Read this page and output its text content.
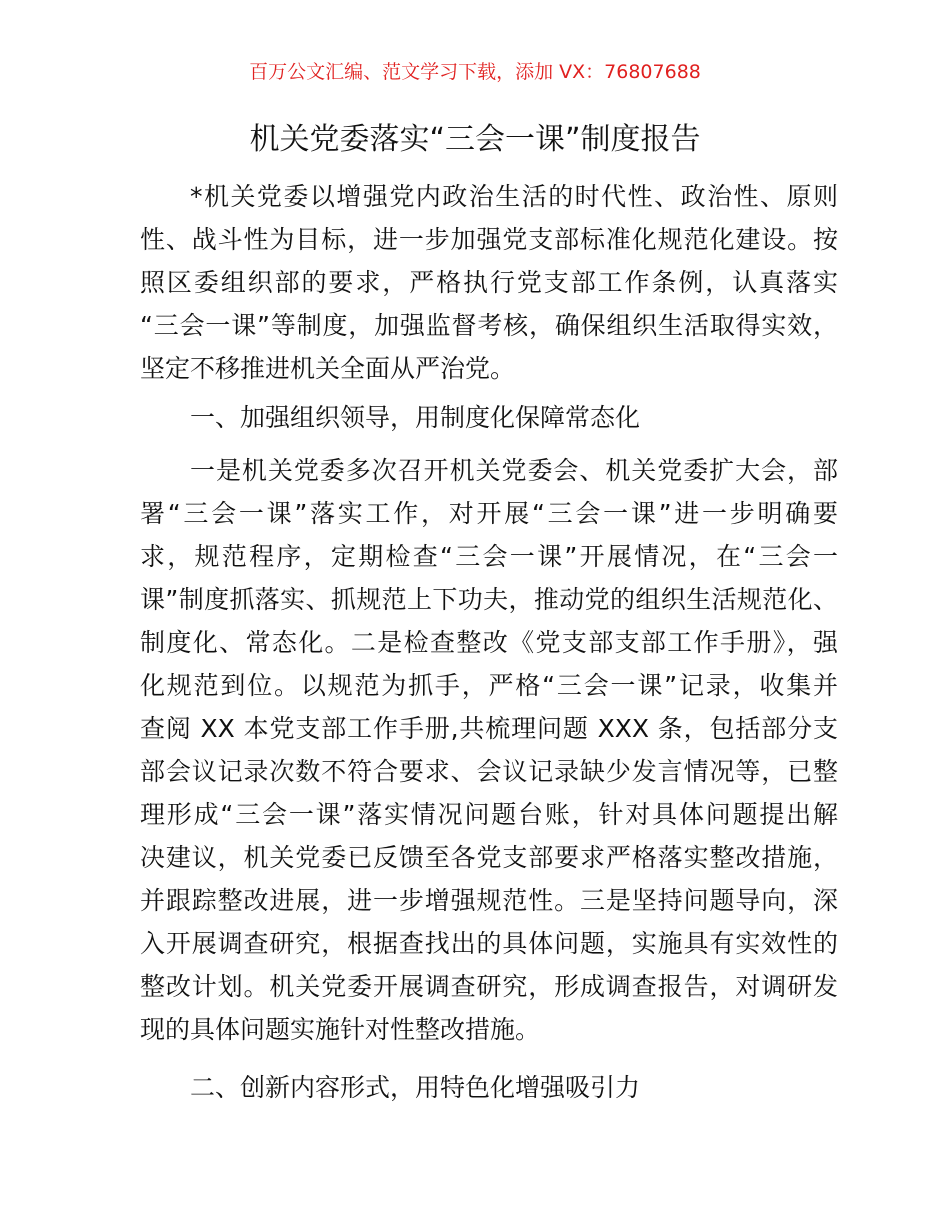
百万公文汇编、范文学习下载，添加 VX：76807688
机关党委落实“三会一课”制度报告
*机关党委以增强党内政治生活的时代性、政治性、原则
性、战斗性为目标，进一步加强党支部标准化规范化建设。按
照区委组织部的要求，严格执行党支部工作条例，认真落实
“三会一课”等制度，加强监督考核，确保组织生活取得实效，
坚定不移推进机关全面从严治党。
一、加强组织领导，用制度化保障常态化
一是机关党委多次召开机关党委会、机关党委扩大会，部
署“三会一课”落实工作，对开展“三会一课”进一步明确要
求，规范程序，定期检查“三会一课”开展情况，在“三会一
课”制度抓落实、抓规范上下功夫，推动党的组织生活规范化、
制度化、常态化。二是检查整改《党支部支部工作手册》，强
化规范到位。以规范为抓手，严格“三会一课”记录，收集并
查阅 XX 本党支部工作手册,共梳理问题 XXX 条，包括部分支
部会议记录次数不符合要求、会议记录缺少发言情况等，已整
理形成“三会一课”落实情况问题台账，针对具体问题提出解
决建议，机关党委已反馈至各党支部要求严格落实整改措施，
并跟踪整改进展，进一步增强规范性。三是坚持问题导向，深
入开展调查研究，根据查找出的具体问题，实施具有实效性的
整改计划。机关党委开展调查研究，形成调查报告，对调研发
现的具体问题实施针对性整改措施。
二、创新内容形式，用特色化增强吸引力
